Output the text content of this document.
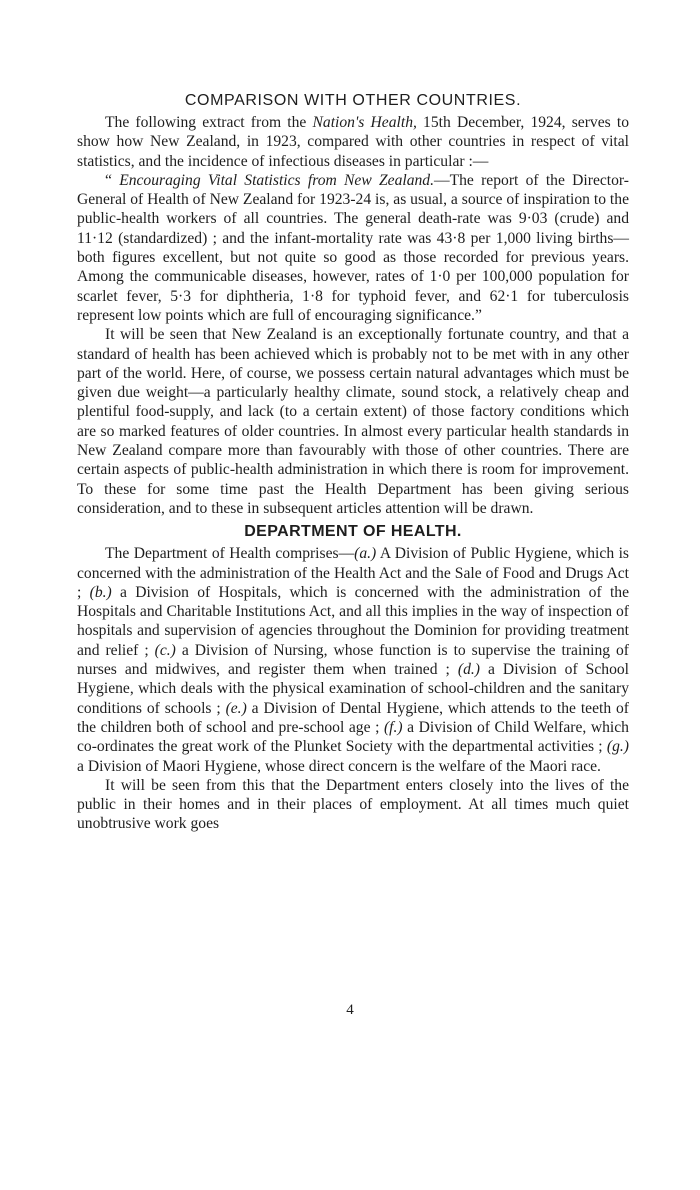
COMPARISON WITH OTHER COUNTRIES.

The following extract from the Nation's Health, 15th December, 1924, serves to show how New Zealand, in 1923, compared with other countries in respect of vital statistics, and the incidence of infectious diseases in particular :—

“ Encouraging Vital Statistics from New Zealand.—The report of the Director-General of Health of New Zealand for 1923-24 is, as usual, a source of inspiration to the public-health workers of all countries. The general death-rate was 9·03 (crude) and 11·12 (standardized) ; and the infant-mortality rate was 43·8 per 1,000 living births—both figures excellent, but not quite so good as those recorded for previous years. Among the communicable diseases, however, rates of 1·0 per 100,000 population for scarlet fever, 5·3 for diphtheria, 1·8 for typhoid fever, and 62·1 for tuberculosis represent low points which are full of encouraging significance.”

It will be seen that New Zealand is an exceptionally fortunate country, and that a standard of health has been achieved which is probably not to be met with in any other part of the world. Here, of course, we possess certain natural advantages which must be given due weight—a particularly healthy climate, sound stock, a relatively cheap and plentiful food-supply, and lack (to a certain extent) of those factory conditions which are so marked features of older countries. In almost every particular health standards in New Zealand compare more than favourably with those of other countries. There are certain aspects of public-health administration in which there is room for improvement. To these for some time past the Health Department has been giving serious consideration, and to these in subsequent articles attention will be drawn.

DEPARTMENT OF HEALTH.

The Department of Health comprises—(a.) A Division of Public Hygiene, which is concerned with the administration of the Health Act and the Sale of Food and Drugs Act ; (b.) a Division of Hospitals, which is concerned with the administration of the Hospitals and Charitable Institutions Act, and all this implies in the way of inspection of hospitals and supervision of agencies throughout the Dominion for providing treatment and relief ; (c.) a Division of Nursing, whose function is to supervise the training of nurses and midwives, and register them when trained ; (d.) a Division of School Hygiene, which deals with the physical examination of school-children and the sanitary conditions of schools ; (e.) a Division of Dental Hygiene, which attends to the teeth of the children both of school and pre-school age ; (f.) a Division of Child Welfare, which co-ordinates the great work of the Plunket Society with the departmental activities ; (g.) a Division of Maori Hygiene, whose direct concern is the welfare of the Maori race.

It will be seen from this that the Department enters closely into the lives of the public in their homes and in their places of employment. At all times much quiet unobtrusive work goes

4
